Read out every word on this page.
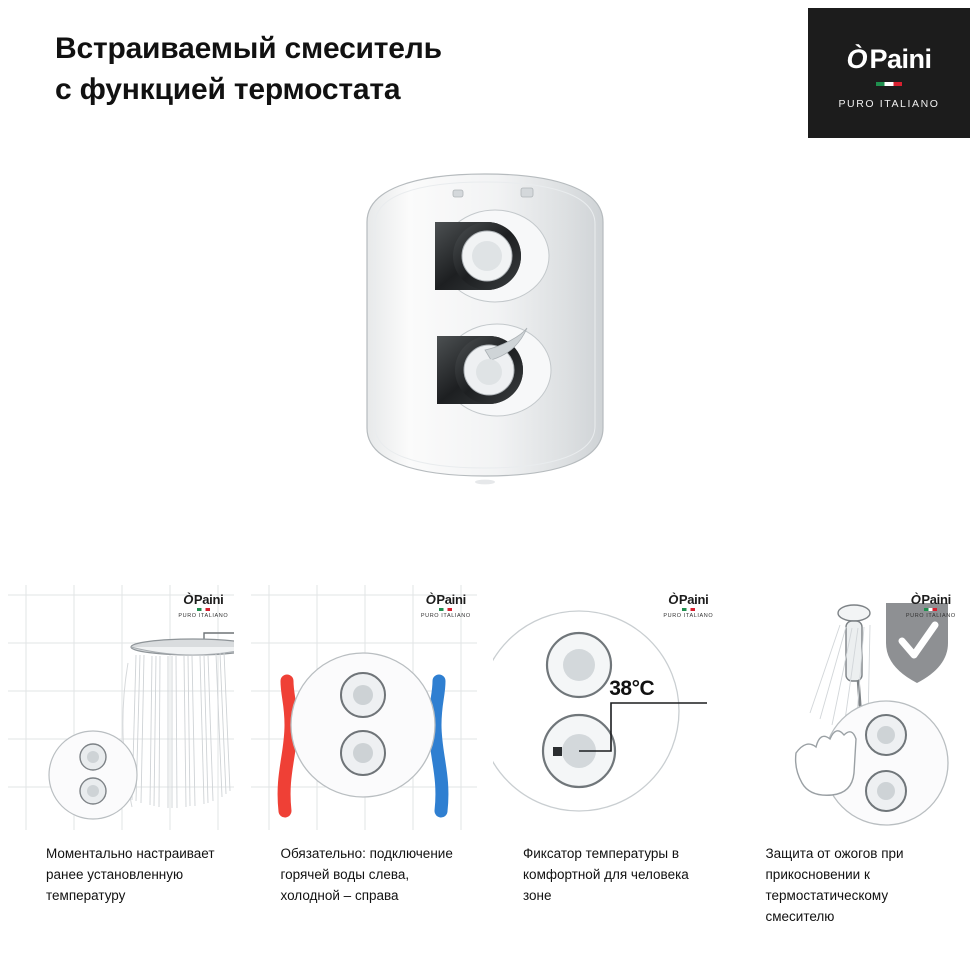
Встраиваемый смеситель
с функцией термостата
Ò Paini
PURO ITALIANO
Ò Paini
PURO ITALIANO
Моментально настраивает ранее установленную температуру
Ò Paini
PURO ITALIANO
Обязательно: подключение горячей воды слева, холодной – справа
38°C
Ò Paini
PURO ITALIANO
Фиксатор температуры в комфортной для человека зоне
Ò Paini
PURO ITALIANO
Защита от ожогов при прикосновении к термостатическому смесителю
